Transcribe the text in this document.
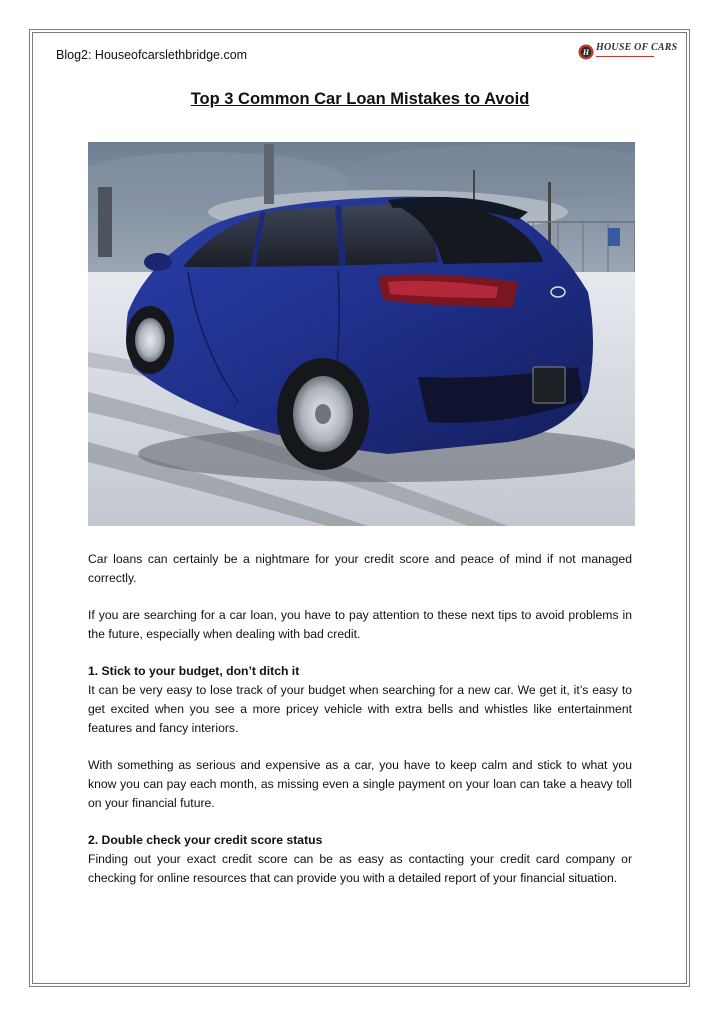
Blog2: Houseofcarslethbridge.com	H HOUSE OF CARS
Top 3 Common Car Loan Mistakes to Avoid

Car loans can certainly be a nightmare for your credit score and peace of mind if not managed correctly.

If you are searching for a car loan, you have to pay attention to these next tips to avoid problems in the future, especially when dealing with bad credit.

1. Stick to your budget, don’t ditch it

It can be very easy to lose track of your budget when searching for a new car. We get it, it’s easy to get excited when you see a more pricey vehicle with extra bells and whistles like entertainment features and fancy interiors.

With something as serious and expensive as a car, you have to keep calm and stick to what you know you can pay each month, as missing even a single payment on your loan can take a heavy toll on your financial future.

2. Double check your credit score status

Finding out your exact credit score can be as easy as contacting your credit card company or checking for online resources that can provide you with a detailed report of your financial situation.
